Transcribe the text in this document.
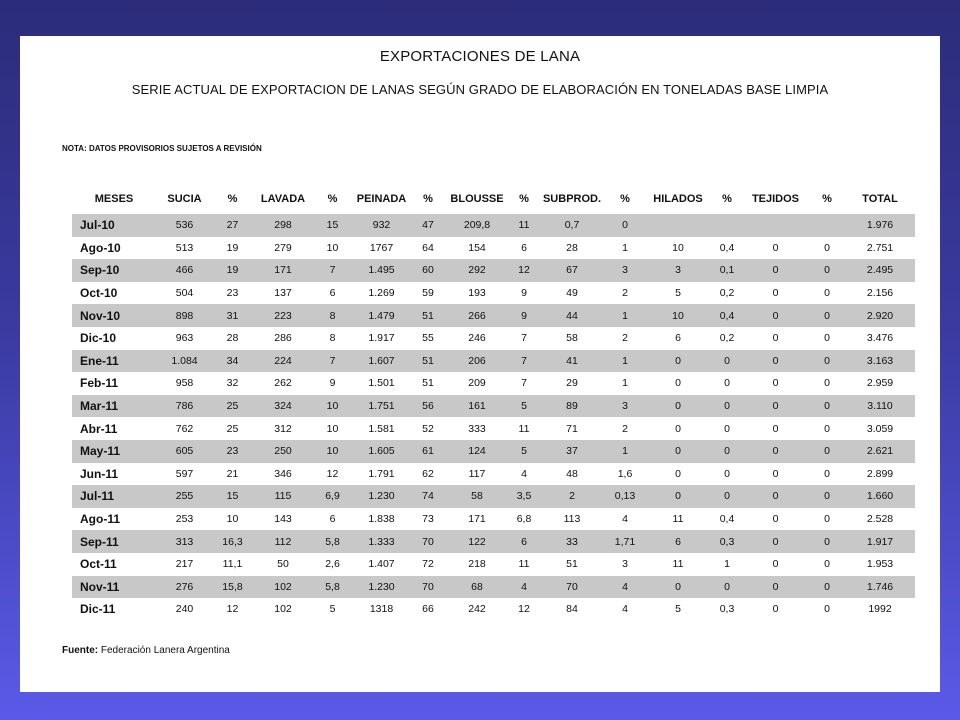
EXPORTACIONES DE LANA
SERIE ACTUAL DE EXPORTACION DE LANAS SEGÚN GRADO DE ELABORACIÓN EN TONELADAS BASE LIMPIA
NOTA: DATOS PROVISORIOS SUJETOS A REVISIÓN
MESES	SUCIA	%	LAVADA	%	PEINADA	%	BLOUSSE	%	SUBPROD.	%	HILADOS	%	TEJIDOS	%	TOTAL
Jul-10	536	27	298	15	932	47	209,8	11	0,7	0					1.976
Ago-10	513	19	279	10	1767	64	154	6	28	1	10	0,4	0	0	2.751
Sep-10	466	19	171	7	1.495	60	292	12	67	3	3	0,1	0	0	2.495
Oct-10	504	23	137	6	1.269	59	193	9	49	2	5	0,2	0	0	2.156
Nov-10	898	31	223	8	1.479	51	266	9	44	1	10	0,4	0	0	2.920
Dic-10	963	28	286	8	1.917	55	246	7	58	2	6	0,2	0	0	3.476
Ene-11	1.084	34	224	7	1.607	51	206	7	41	1	0	0	0	0	3.163
Feb-11	958	32	262	9	1.501	51	209	7	29	1	0	0	0	0	2.959
Mar-11	786	25	324	10	1.751	56	161	5	89	3	0	0	0	0	3.110
Abr-11	762	25	312	10	1.581	52	333	11	71	2	0	0	0	0	3.059
May-11	605	23	250	10	1.605	61	124	5	37	1	0	0	0	0	2.621
Jun-11	597	21	346	12	1.791	62	117	4	48	1,6	0	0	0	0	2.899
Jul-11	255	15	115	6,9	1.230	74	58	3,5	2	0,13	0	0	0	0	1.660
Ago-11	253	10	143	6	1.838	73	171	6,8	113	4	11	0,4	0	0	2.528
Sep-11	313	16,3	112	5,8	1.333	70	122	6	33	1,71	6	0,3	0	0	1.917
Oct-11	217	11,1	50	2,6	1.407	72	218	11	51	3	11	1	0	0	1.953
Nov-11	276	15,8	102	5,8	1.230	70	68	4	70	4	0	0	0	0	1.746
Dic-11	240	12	102	5	1318	66	242	12	84	4	5	0,3	0	0	1992
Fuente: Federación Lanera Argentina
